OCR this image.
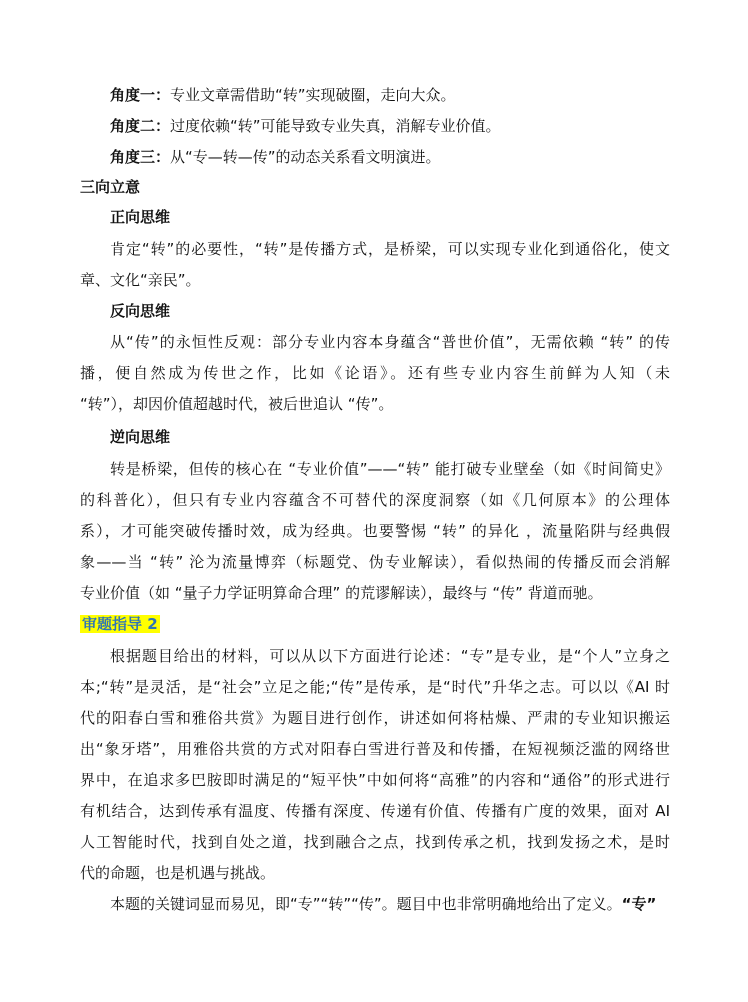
角度一：专业文章需借助“转”实现破圈，走向大众。
角度二：过度依赖“转”可能导致专业失真，消解专业价值。
角度三：从“专—转—传”的动态关系看文明演进。
三向立意
正向思维
肯定“转”的必要性，“转”是传播方式，是桥梁，可以实现专业化到通俗化，使文
章、文化“亲民”。
反向思维
从“传”的永恒性反观：部分专业内容本身蕴含“普世价值”，无需依赖 “转” 的传
播，便自然成为传世之作，比如《论语》。还有些专业内容生前鲜为人知（未
“转”），却因价值超越时代，被后世追认 “传”。
逆向思维
转是桥梁，但传的核心在 “专业价值”——“转” 能打破专业壁垒（如《时间简史》
的科普化），但只有专业内容蕴含不可替代的深度洞察（如《几何原本》的公理体
系），才可能突破传播时效，成为经典。也要警惕 “转” 的异化 ，流量陷阱与经典假
象——当 “转” 沦为流量博弈（标题党、伪专业解读），看似热闹的传播反而会消解
专业价值（如 “量子力学证明算命合理” 的荒谬解读），最终与 “传” 背道而驰。
审题指导 2
根据题目给出的材料，可以从以下方面进行论述：“专”是专业，是“个人”立身之
本;“转”是灵活，是“社会”立足之能;“传”是传承，是“时代”升华之志。可以以《AI 时
代的阳春白雪和雅俗共赏》为题目进行创作，讲述如何将枯燥、严肃的专业知识搬运
出“象牙塔”，用雅俗共赏的方式对阳春白雪进行普及和传播，在短视频泛滥的网络世
界中，在追求多巴胺即时满足的“短平快”中如何将“高雅”的内容和“通俗”的形式进行
有机结合，达到传承有温度、传播有深度、传递有价值、传播有广度的效果，面对 AI
人工智能时代，找到自处之道，找到融合之点，找到传承之机，找到发扬之术，是时
代的命题，也是机遇与挑战。
本题的关键词显而易见，即“专”“转”“传”。题目中也非常明确地给出了定义。“专”
